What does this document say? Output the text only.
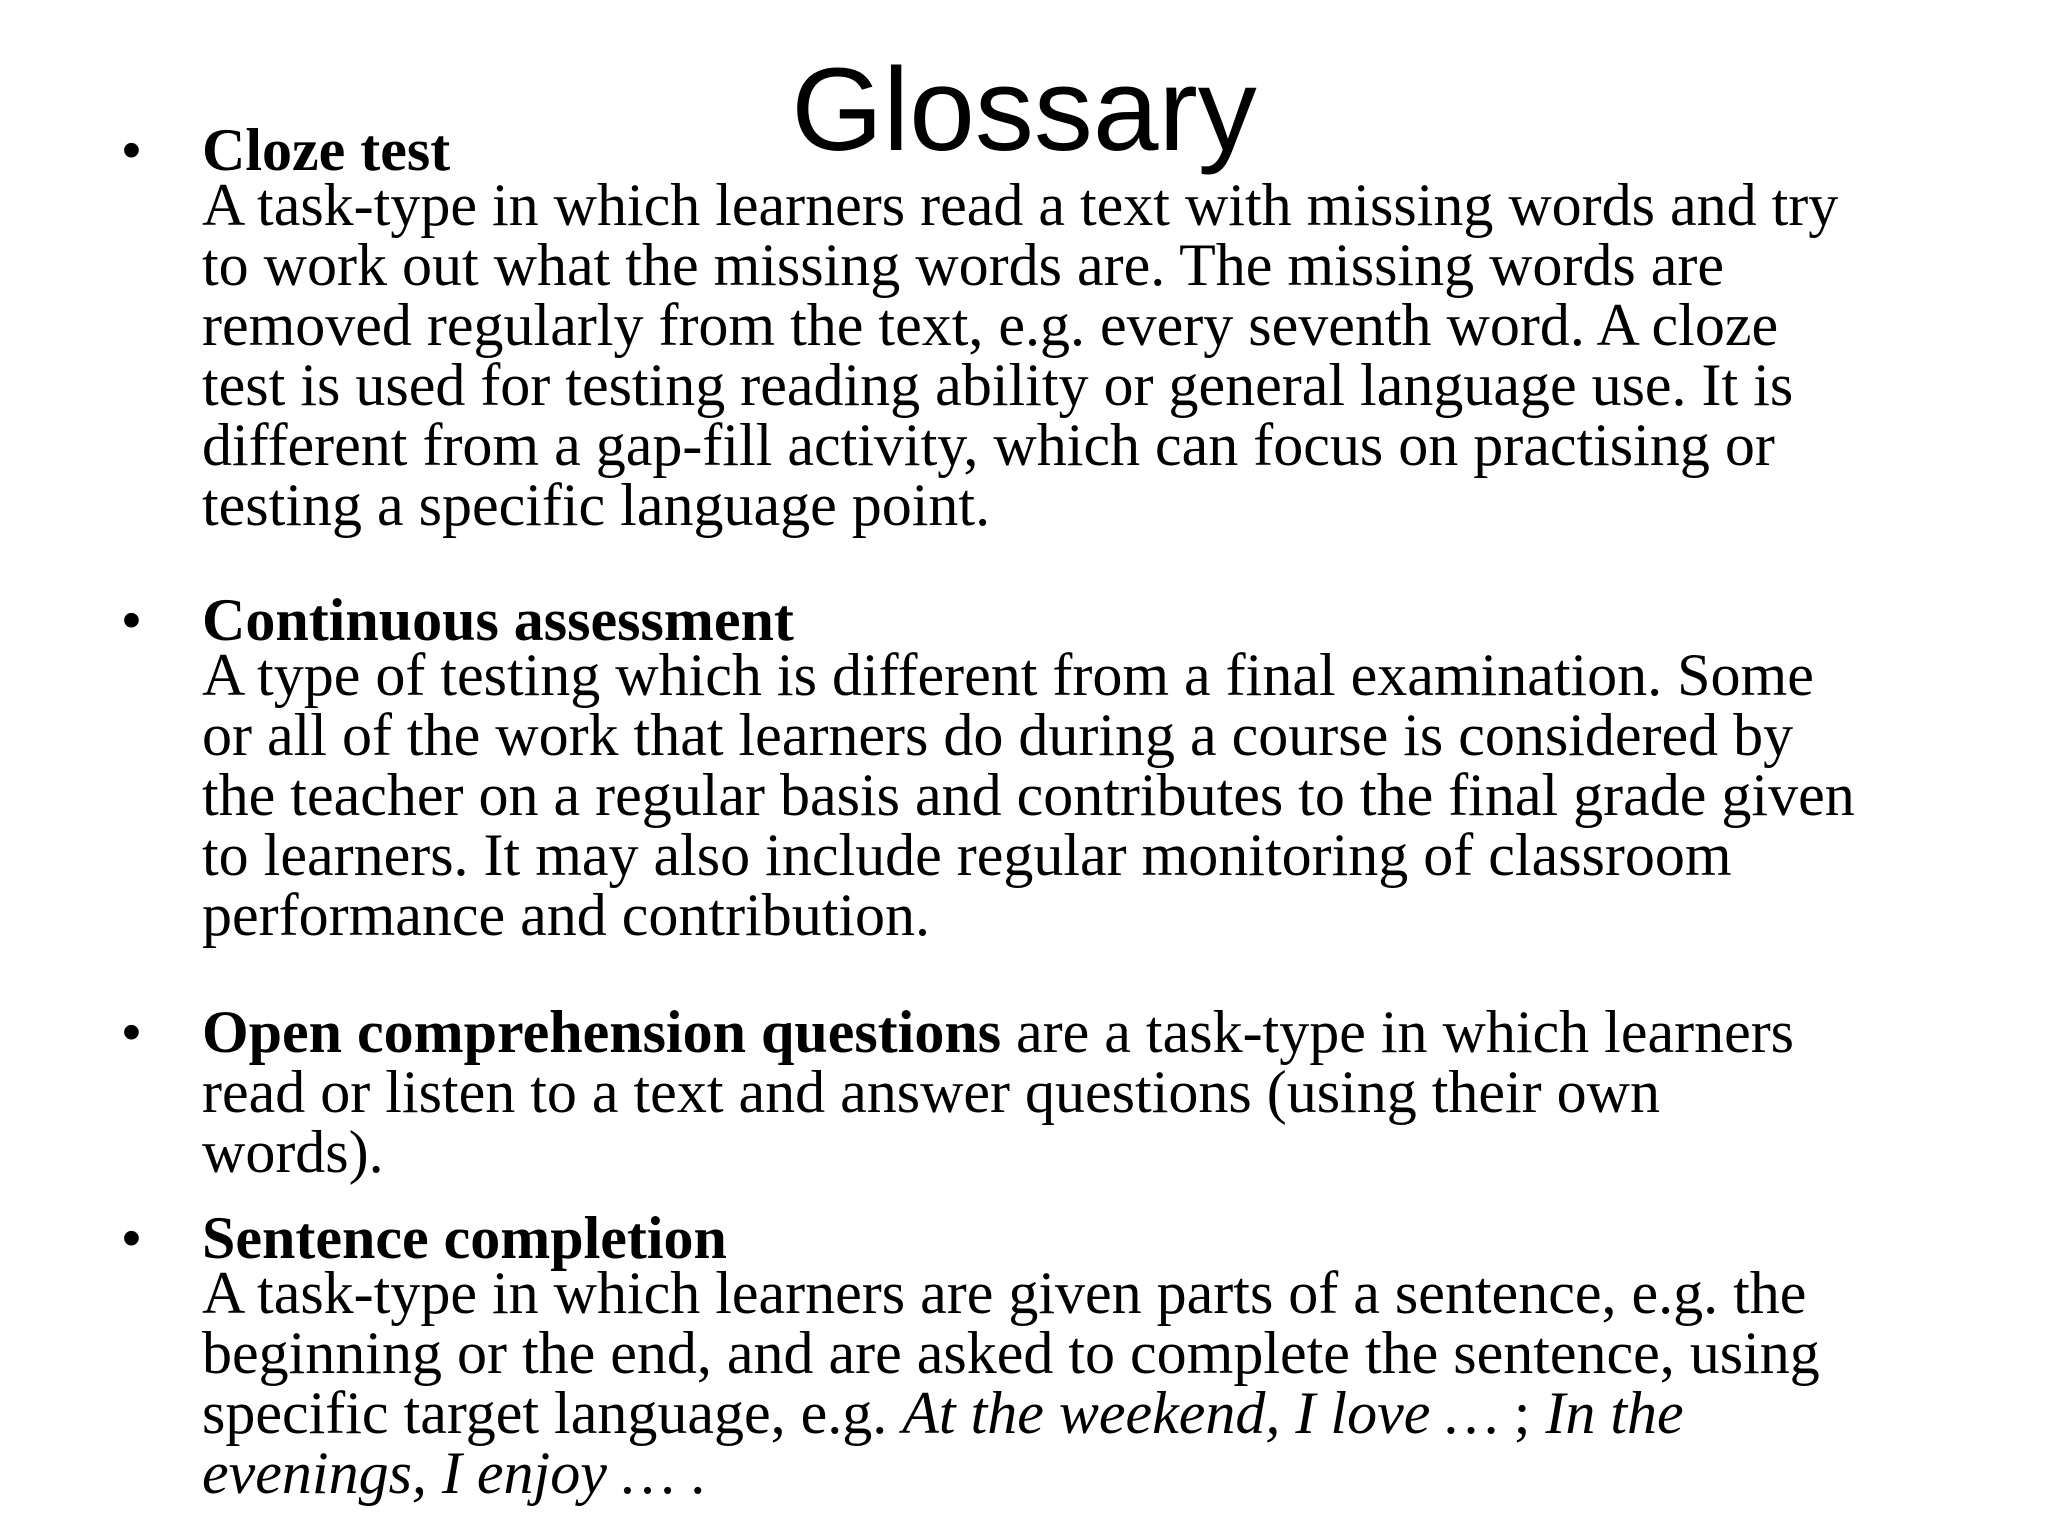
Glossary
• Cloze test
A task-type in which learners read a text with missing words and try
to work out what the missing words are. The missing words are
removed regularly from the text, e.g. every seventh word. A cloze
test is used for testing reading ability or general language use. It is
different from a gap-fill activity, which can focus on practising or
testing a specific language point.
• Continuous assessment
A type of testing which is different from a final examination. Some
or all of the work that learners do during a course is considered by
the teacher on a regular basis and contributes to the final grade given
to learners. It may also include regular monitoring of classroom
performance and contribution.
• Open comprehension questions are a task-type in which learners
read or listen to a text and answer questions (using their own
words).
• Sentence completion
A task-type in which learners are given parts of a sentence, e.g. the
beginning or the end, and are asked to complete the sentence, using
specific target language, e.g. At the weekend, I love … ; In the
evenings, I enjoy … .
